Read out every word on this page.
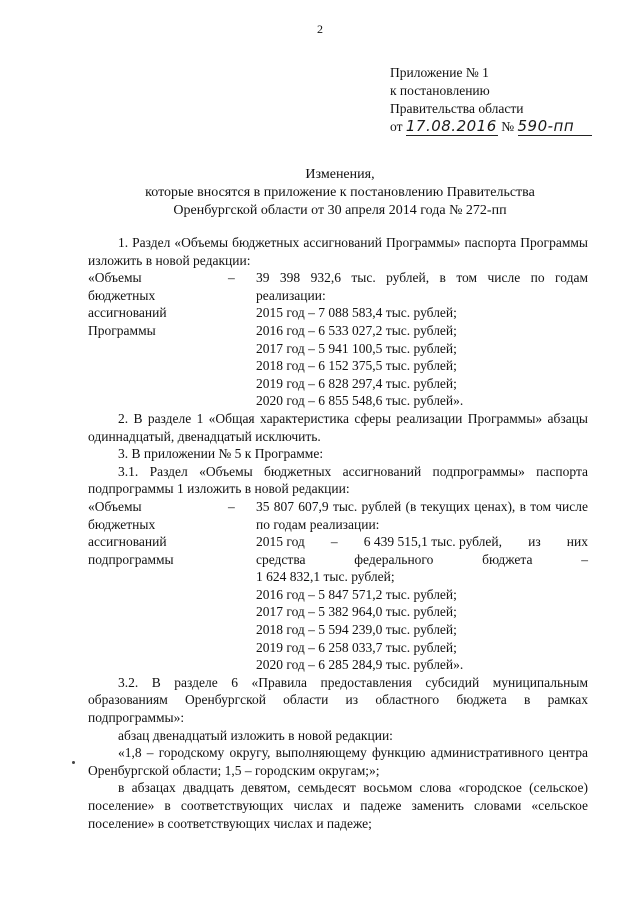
2
Приложение № 1
к постановлению
Правительства области
от 17.08.2016 № 590-пп
Изменения,
которые вносятся в приложение к постановлению Правительства
Оренбургской области от 30 апреля 2014 года № 272-пп

1. Раздел «Объемы бюджетных ассигнований Программы» паспорта Программы изложить в новой редакции:

«Объемы
бюджетных
ассигнований
Программы
–	39 398 932,6 тыс. рублей, в том числе по годам реализации:
2015 год – 7 088 583,4 тыс. рублей;
2016 год – 6 533 027,2 тыс. рублей;
2017 год – 5 941 100,5 тыс. рублей;
2018 год – 6 152 375,5 тыс. рублей;
2019 год – 6 828 297,4 тыс. рублей;
2020 год – 6 855 548,6 тыс. рублей».

2. В разделе 1 «Общая характеристика сферы реализации Программы» абзацы одиннадцатый, двенадцатый исключить.

3. В приложении № 5 к Программе:

3.1. Раздел «Объемы бюджетных ассигнований подпрограммы» паспорта подпрограммы 1 изложить в новой редакции:

«Объемы
бюджетных
ассигнований
подпрограммы
–	35 807 607,9 тыс. рублей (в текущих ценах), в том числе по годам реализации:
2015 год – 6 439 515,1 тыс. рублей, из них
средства	федерального	бюджета	–
1 624 832,1 тыс. рублей;
2016 год – 5 847 571,2 тыс. рублей;
2017 год – 5 382 964,0 тыс. рублей;
2018 год – 5 594 239,0 тыс. рублей;
2019 год – 6 258 033,7 тыс. рублей;
2020 год – 6 285 284,9 тыс. рублей».

3.2. В разделе 6 «Правила предоставления субсидий муниципальным образованиям Оренбургской области из областного бюджета в рамках подпрограммы»:

абзац двенадцатый изложить в новой редакции:

«1,8 – городскому округу, выполняющему функцию административного центра Оренбургской области; 1,5 – городским округам;»;

в абзацах двадцать девятом, семьдесят восьмом слова «городское (сельское) поселение» в соответствующих числах и падеже заменить словами «сельское поселение» в соответствующих числах и падеже;
